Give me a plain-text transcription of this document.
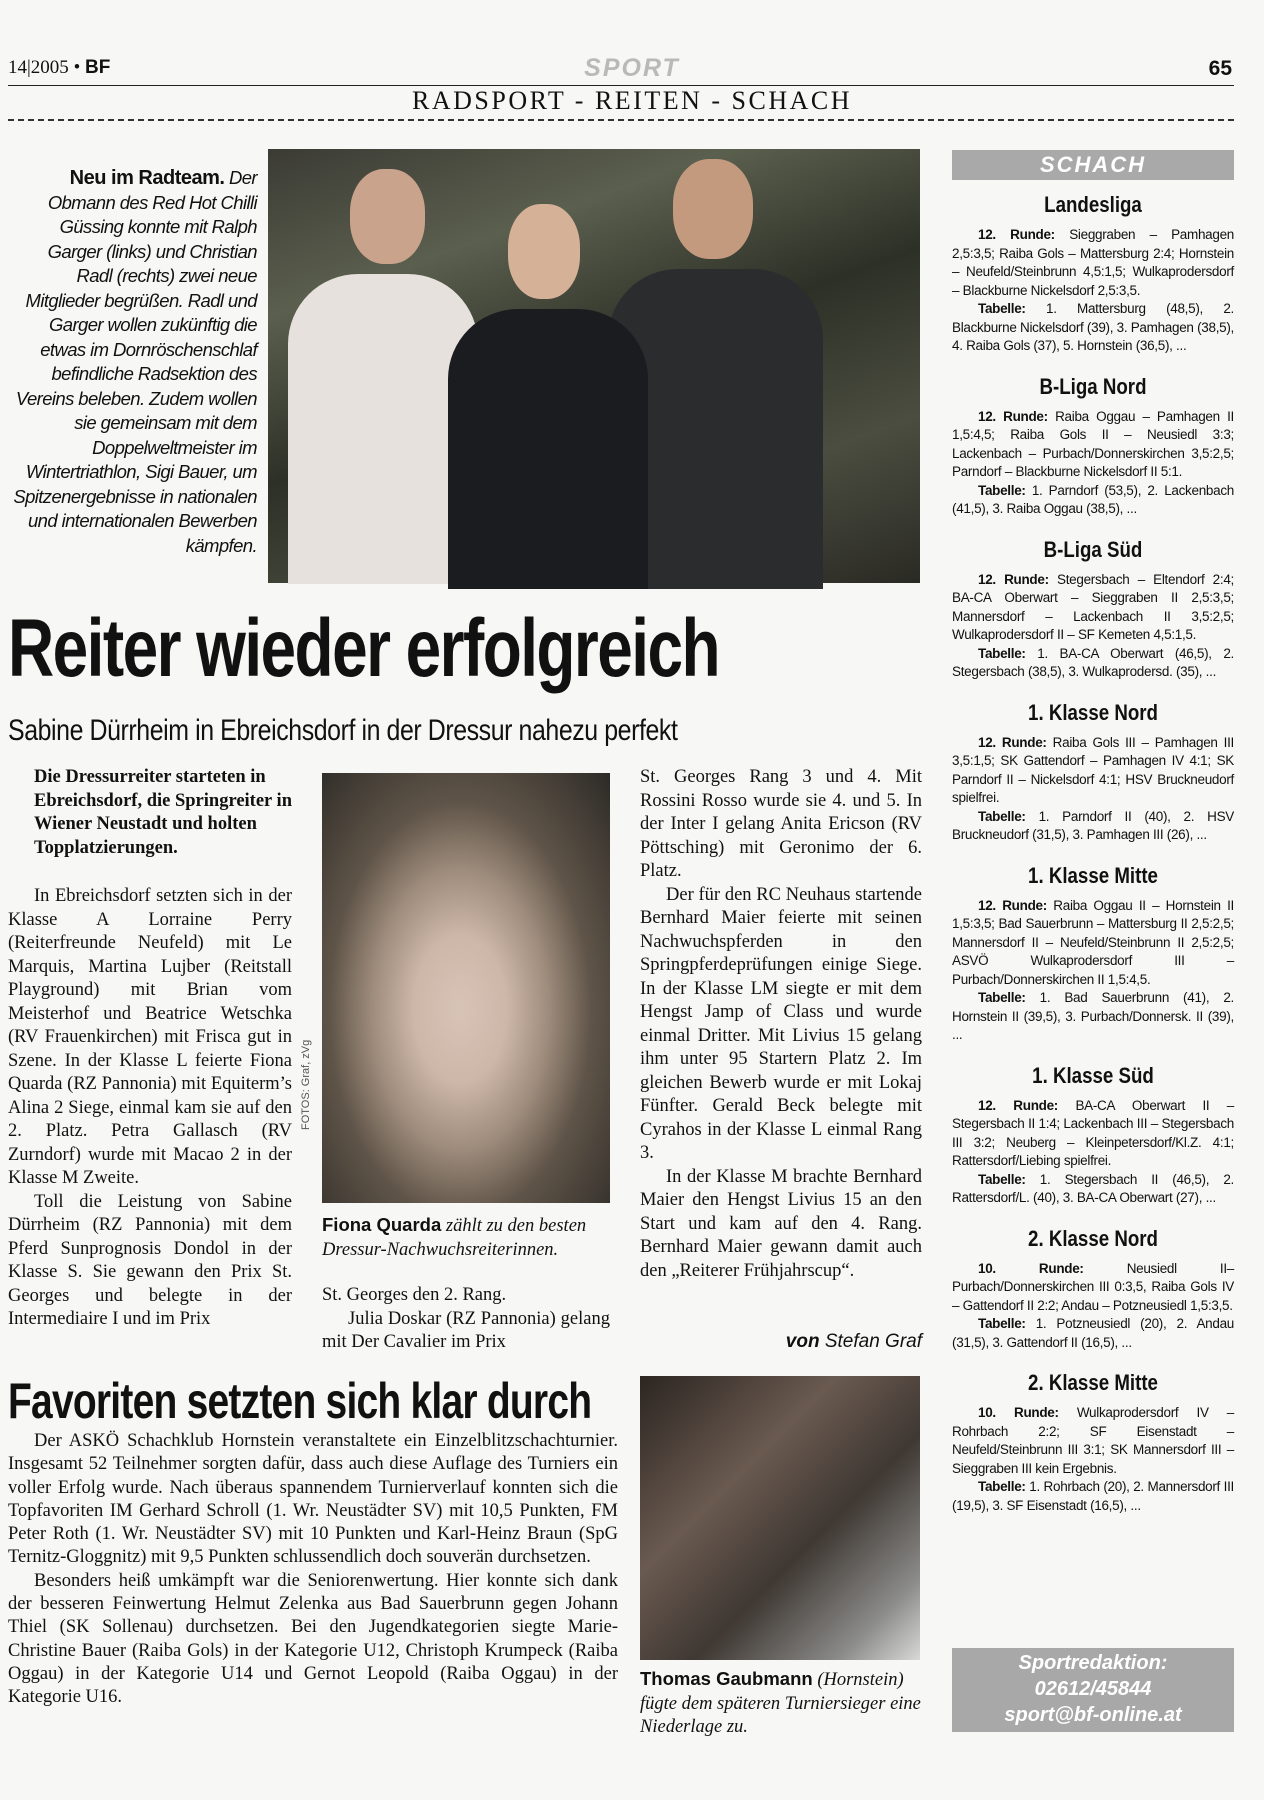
14|2005 • BF	SPORT	65
RADSPORT - REITEN - SCHACH
Neu im Radteam. Der Obmann des Red Hot Chilli Güssing konnte mit Ralph Garger (links) und Christian Radl (rechts) zwei neue Mitglieder begrüßen. Radl und Garger wollen zukünftig die etwas im Dornröschenschlaf befindliche Radsektion des Vereins beleben. Zudem wollen sie gemeinsam mit dem Doppelweltmeister im Wintertriathlon, Sigi Bauer, um Spitzenergebnisse in nationalen und internationalen Bewerben kämpfen.
Reiter wieder erfolgreich
Sabine Dürrheim in Ebreichsdorf in der Dressur nahezu perfekt

Die Dressurreiter starteten in Ebreichsdorf, die Springreiter in Wiener Neustadt und holten Topplatzierungen.

In Ebreichsdorf setzten sich in der Klasse A Lorraine Perry (Reiterfreunde Neufeld) mit Le Marquis, Martina Lujber (Reitstall Playground) mit Brian vom Meisterhof und Beatrice Wetschka (RV Frauenkirchen) mit Frisca gut in Szene. In der Klasse L feierte Fiona Quarda (RZ Pannonia) mit Equiterm’s Alina 2 Siege, einmal kam sie auf den 2. Platz. Petra Gallasch (RV Zurndorf) wurde mit Macao 2 in der Klasse M Zweite.

Toll die Leistung von Sabine Dürrheim (RZ Pannonia) mit dem Pferd Sunprognosis Dondol in der Klasse S. Sie gewann den Prix St. Georges und belegte in der Intermediaire I und im Prix

FOTOS: Graf, zVg
Fiona Quarda zählt zu den besten Dressur-Nachwuchsreiterinnen.

St. Georges den 2. Rang.

Julia Doskar (RZ Pannonia) gelang mit Der Cavalier im Prix

St. Georges Rang 3 und 4. Mit Rossini Rosso wurde sie 4. und 5. In der Inter I gelang Anita Ericson (RV Pöttsching) mit Geronimo der 6. Platz.

Der für den RC Neuhaus startende Bernhard Maier feierte mit seinen Nachwuchspferden in den Springpferdeprüfungen einige Siege. In der Klasse LM siegte er mit dem Hengst Jamp of Class und wurde einmal Dritter. Mit Livius 15 gelang ihm unter 95 Startern Platz 2. Im gleichen Bewerb wurde er mit Lokaj Fünfter. Gerald Beck belegte mit Cyrahos in der Klasse L einmal Rang 3.

In der Klasse M brachte Bernhard Maier den Hengst Livius 15 an den Start und kam auf den 4. Rang. Bernhard Maier gewann damit auch den „Reiterer Frühjahrscup“.

von Stefan Graf
Favoriten setzten sich klar durch

Der ASKÖ Schachklub Hornstein veranstaltete ein Einzelblitzschachturnier. Insgesamt 52 Teilnehmer sorgten dafür, dass auch diese Auflage des Turniers ein voller Erfolg wurde. Nach überaus spannendem Turnierverlauf konnten sich die Topfavoriten IM Gerhard Schroll (1. Wr. Neustädter SV) mit 10,5 Punkten, FM Peter Roth (1. Wr. Neustädter SV) mit 10 Punkten und Karl-Heinz Braun (SpG Ternitz-Gloggnitz) mit 9,5 Punkten schlussendlich doch souverän durchsetzen.

Besonders heiß umkämpft war die Seniorenwertung. Hier konnte sich dank der besseren Feinwertung Helmut Zelenka aus Bad Sauerbrunn gegen Johann Thiel (SK Sollenau) durchsetzen. Bei den Jugendkategorien siegte Marie-Christine Bauer (Raiba Gols) in der Kategorie U12, Christoph Krumpeck (Raiba Oggau) in der Kategorie U14 und Gernot Leopold (Raiba Oggau) in der Kategorie U16.

Thomas Gaubmann (Hornstein) fügte dem späteren Turniersieger eine Niederlage zu.
SCHACH
Landesliga

12. Runde: Sieggraben – Pamhagen 2,5:3,5; Raiba Gols – Mattersburg 2:4; Hornstein – Neufeld/Steinbrunn 4,5:1,5; Wulkaprodersdorf – Blackburne Nickelsdorf 2,5:3,5.
Tabelle: 1. Mattersburg (48,5), 2. Blackburne Nickelsdorf (39), 3. Pamhagen (38,5), 4. Raiba Gols (37), 5. Hornstein (36,5), ...

B-Liga Nord

12. Runde: Raiba Oggau – Pamhagen II 1,5:4,5; Raiba Gols II – Neusiedl 3:3; Lackenbach – Purbach/Donnerskirchen 3,5:2,5; Parndorf – Blackburne Nickelsdorf II 5:1.
Tabelle: 1. Parndorf (53,5), 2. Lackenbach (41,5), 3. Raiba Oggau (38,5), ...

B-Liga Süd

12. Runde: Stegersbach – Eltendorf 2:4; BA-CA Oberwart – Sieggraben II 2,5:3,5; Mannersdorf – Lackenbach II 3,5:2,5; Wulkaprodersdorf II – SF Kemeten 4,5:1,5.
Tabelle: 1. BA-CA Oberwart (46,5), 2. Stegersbach (38,5), 3. Wulkaprodersd. (35), ...

1. Klasse Nord

12. Runde: Raiba Gols III – Pamhagen III 3,5:1,5; SK Gattendorf – Pamhagen IV 4:1; SK Parndorf II – Nickelsdorf 4:1; HSV Bruckneudorf spielfrei.
Tabelle: 1. Parndorf II (40), 2. HSV Bruckneudorf (31,5), 3. Pamhagen III (26), ...

1. Klasse Mitte

12. Runde: Raiba Oggau II – Hornstein II 1,5:3,5; Bad Sauerbrunn – Mattersburg II 2,5:2,5; Mannersdorf II – Neufeld/Steinbrunn II 2,5:2,5; ASVÖ Wulkaprodersdorf III – Purbach/Donnerskirchen II 1,5:4,5.
Tabelle: 1. Bad Sauerbrunn (41), 2. Hornstein II (39,5), 3. Purbach/Donnersk. II (39), ...

1. Klasse Süd

12. Runde: BA-CA Oberwart II – Stegersbach II 1:4; Lackenbach III – Stegersbach III 3:2; Neuberg – Kleinpetersdorf/Kl.Z. 4:1; Rattersdorf/Liebing spielfrei.
Tabelle: 1. Stegersbach II (46,5), 2. Rattersdorf/L. (40), 3. BA-CA Oberwart (27), ...

2. Klasse Nord

10. Runde:	Neusiedl II– Purbach/Donnerskirchen III 0:3,5, Raiba Gols IV – Gattendorf II 2:2; Andau – Potzneusiedl 1,5:3,5.
Tabelle: 1. Potzneusiedl (20), 2. Andau (31,5), 3. Gattendorf II (16,5), ...

2. Klasse Mitte

10. Runde: Wulkaprodersdorf IV – Rohrbach 2:2; SF Eisenstadt – Neufeld/Steinbrunn III 3:1; SK Mannersdorf III – Sieggraben III kein Ergebnis.
Tabelle: 1. Rohrbach (20), 2. Mannersdorf III (19,5), 3. SF Eisenstadt (16,5), ...

Sportredaktion:
02612/45844
sport@bf-online.at
